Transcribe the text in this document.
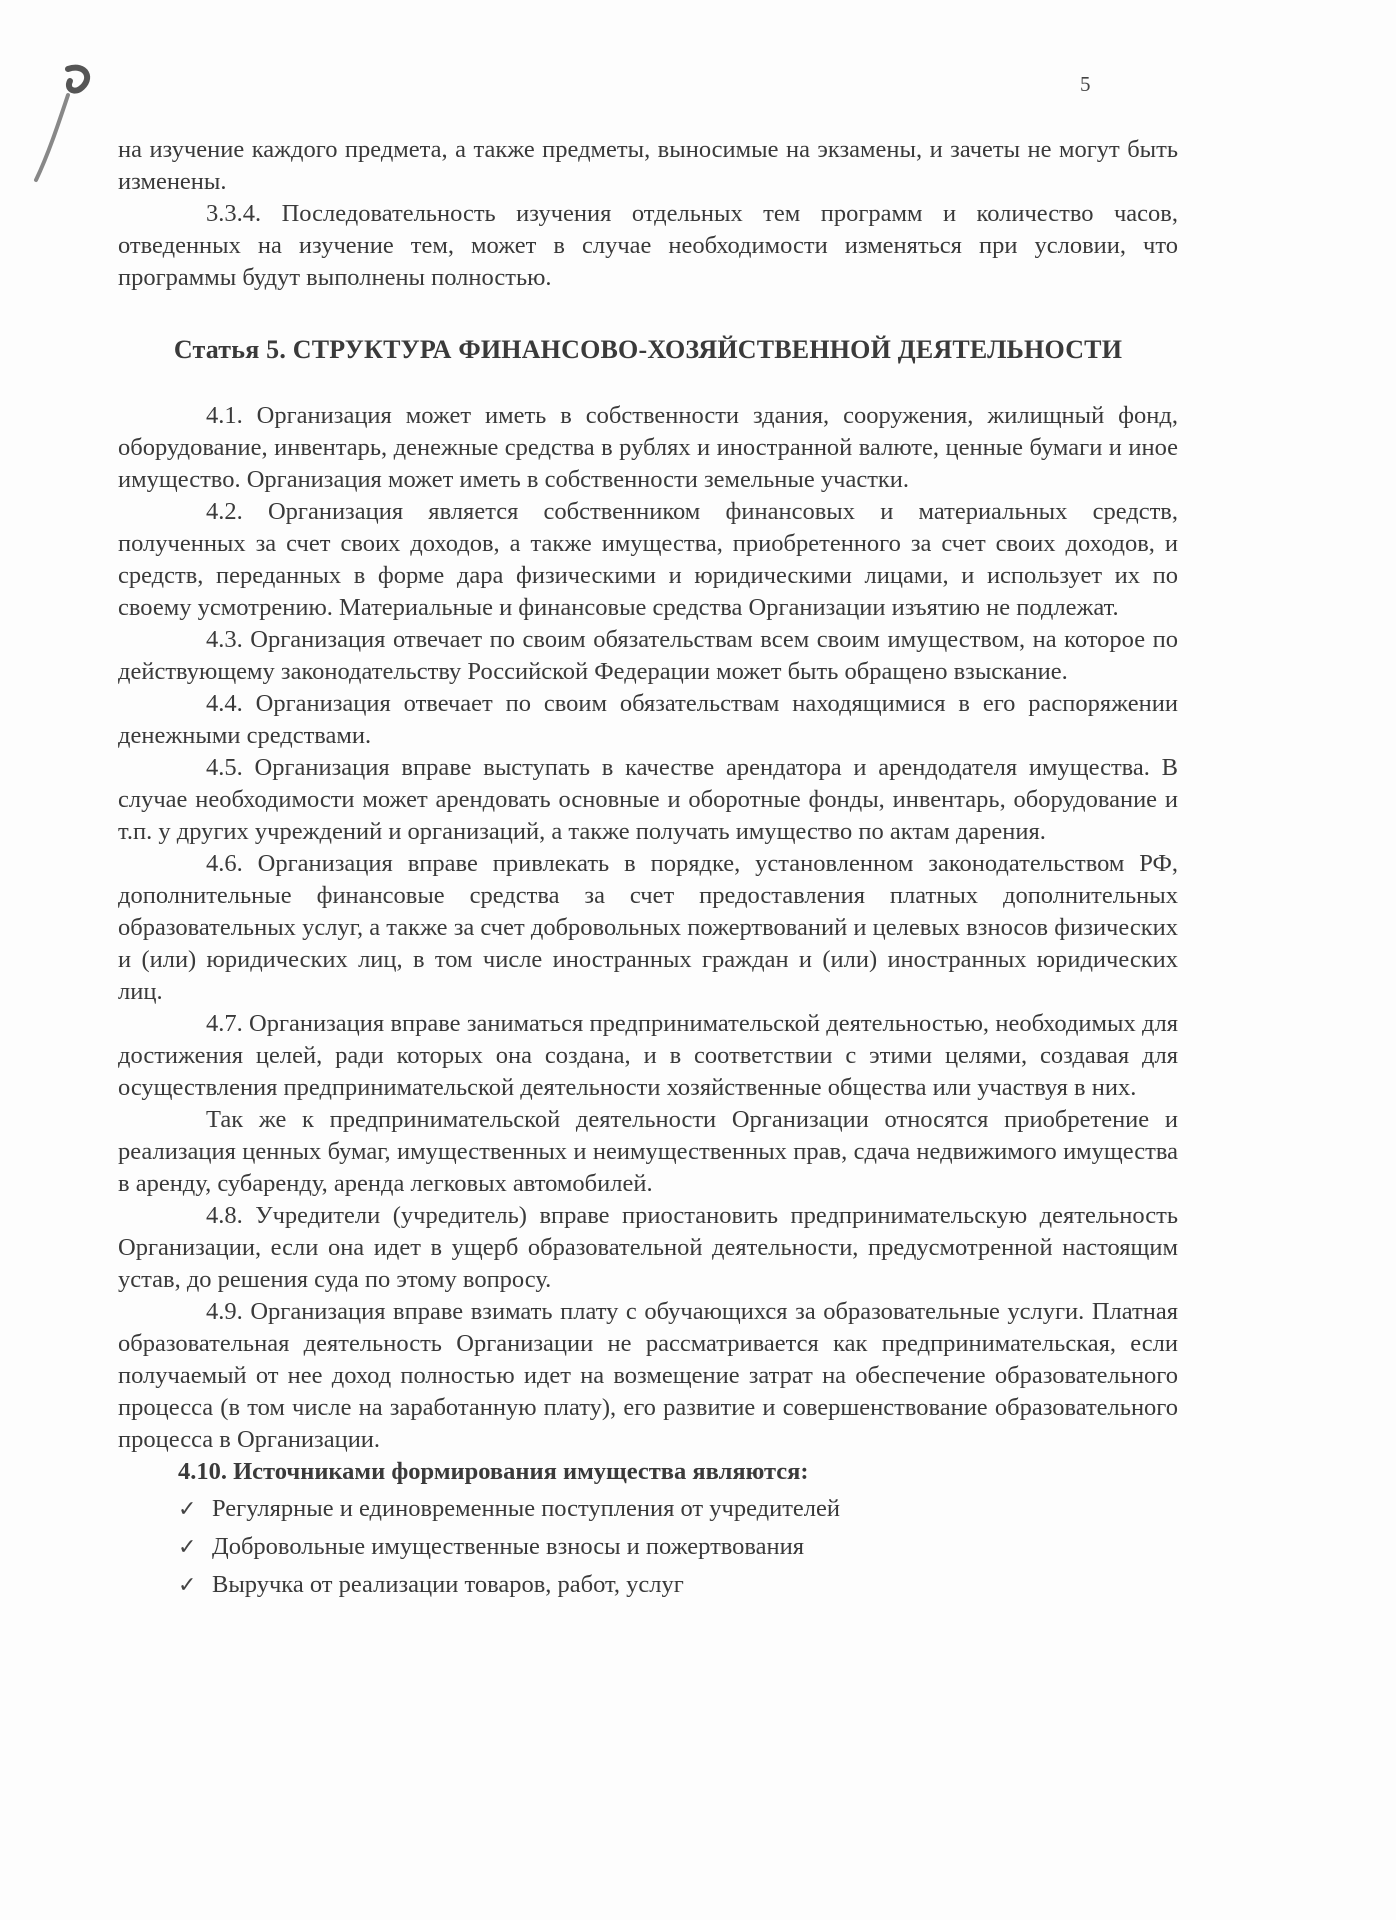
5

на изучение каждого предмета, а также предметы, выносимые на экзамены, и зачеты не могут быть изменены.

3.3.4. Последовательность изучения отдельных тем программ и количество часов, отведенных на изучение тем, может в случае необходимости изменяться при условии, что программы будут выполнены полностью.

Статья 5. СТРУКТУРА ФИНАНСОВО-ХОЗЯЙСТВЕННОЙ ДЕЯТЕЛЬНОСТИ

4.1. Организация может иметь в собственности здания, сооружения, жилищный фонд, оборудование, инвентарь, денежные средства в рублях и иностранной валюте, ценные бумаги и иное имущество. Организация может иметь в собственности земельные участки.

4.2. Организация является собственником финансовых и материальных средств, полученных за счет своих доходов, а также имущества, приобретенного за счет своих доходов, и средств, переданных в форме дара физическими и юридическими лицами, и использует их по своему усмотрению. Материальные и финансовые средства Организации изъятию не подлежат.

4.3. Организация отвечает по своим обязательствам всем своим имуществом, на которое по действующему законодательству Российской Федерации может быть обращено взыскание.

4.4. Организация отвечает по своим обязательствам находящимися в его распоряжении денежными средствами.

4.5. Организация вправе выступать в качестве арендатора и арендодателя имущества. В случае необходимости может арендовать основные и оборотные фонды, инвентарь, оборудование и т.п. у других учреждений и организаций, а также получать имущество по актам дарения.

4.6. Организация вправе привлекать в порядке, установленном законодательством РФ, дополнительные финансовые средства за счет предоставления платных дополнительных образовательных услуг, а также за счет добровольных пожертвований и целевых взносов физических и (или) юридических лиц, в том числе иностранных граждан и (или) иностранных юридических лиц.

4.7. Организация вправе заниматься предпринимательской деятельностью, необходимых для достижения целей, ради которых она создана, и в соответствии с этими целями, создавая для осуществления предпринимательской деятельности хозяйственные общества или участвуя в них.

Так же к предпринимательской деятельности Организации относятся приобретение и реализация ценных бумаг, имущественных и неимущественных прав, сдача недвижимого имущества в аренду, субаренду, аренда легковых автомобилей.

4.8. Учредители (учредитель) вправе приостановить предпринимательскую деятельность Организации, если она идет в ущерб образовательной деятельности, предусмотренной настоящим устав, до решения суда по этому вопросу.

4.9. Организация вправе взимать плату с обучающихся за образовательные услуги. Платная образовательная деятельность Организации не рассматривается как предпринимательская, если получаемый от нее доход полностью идет на возмещение затрат на обеспечение образовательного процесса (в том числе на заработанную плату), его развитие и совершенствование образовательного процесса в Организации.

4.10. Источниками формирования имущества являются:

✓ Регулярные и единовременные поступления от учредителей
✓ Добровольные имущественные взносы и пожертвования
✓ Выручка от реализации товаров, работ, услуг
